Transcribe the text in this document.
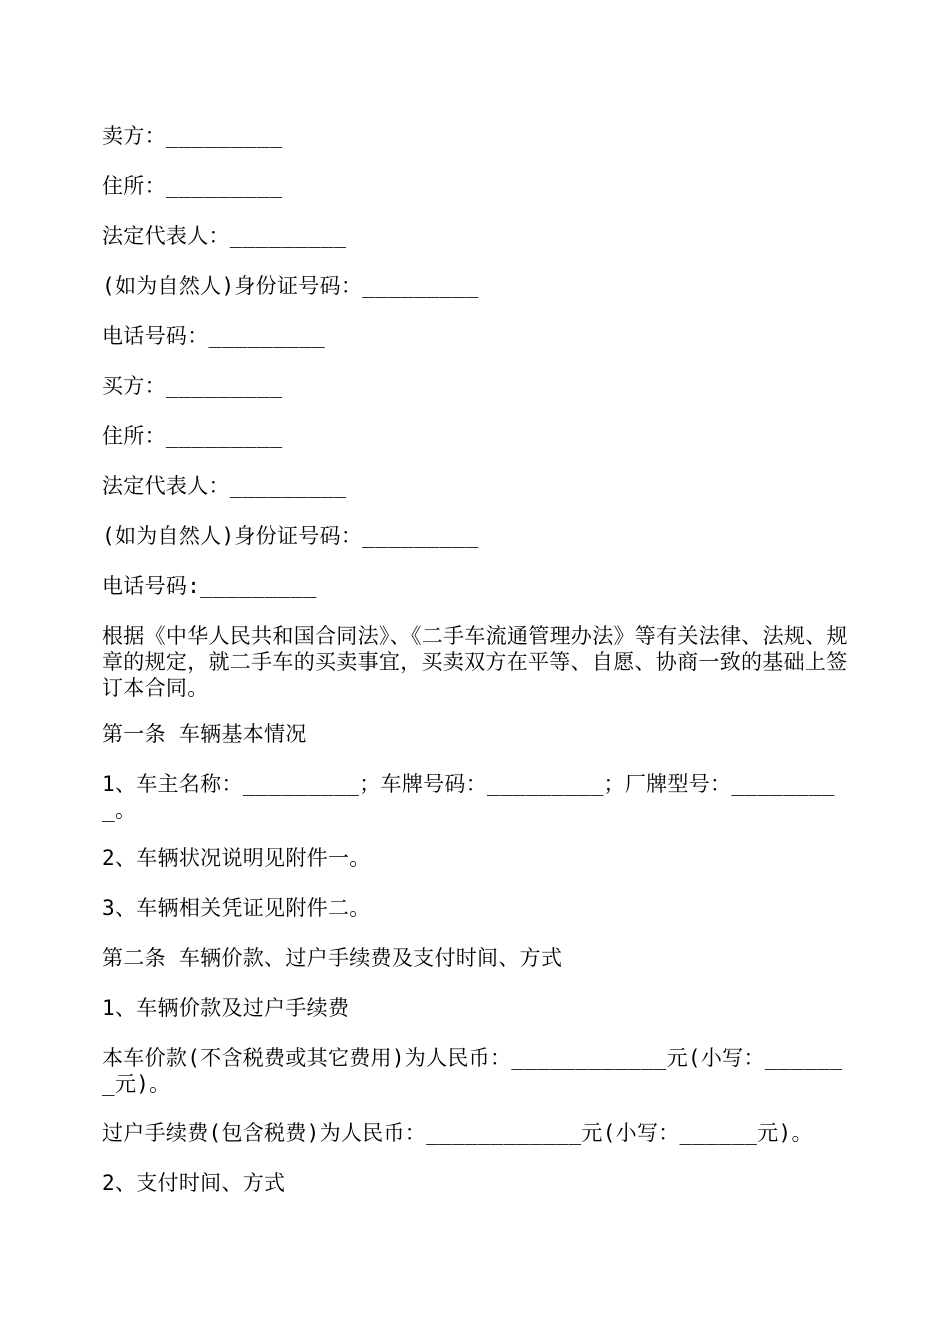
卖方：_________
住所：_________
法定代表人：_________
(如为自然人)身份证号码：_________
电话号码：_________
买方：_________
住所：_________
法定代表人：_________
(如为自然人)身份证号码：_________
电话号码:_________
根据《中华人民共和国合同法》、《二手车流通管理办法》等有关法律、法规、规章的规定，就二手车的买卖事宜，买卖双方在平等、自愿、协商一致的基础上签订本合同。
第一条 车辆基本情况
1、车主名称：_________；车牌号码：_________；厂牌型号：_________。
2、车辆状况说明见附件一。
3、车辆相关凭证见附件二。
第二条 车辆价款、过户手续费及支付时间、方式
1、车辆价款及过户手续费
本车价款(不含税费或其它费用)为人民币：____________元(小写：_______元)。
过户手续费(包含税费)为人民币：____________元(小写：______元)。
2、支付时间、方式
